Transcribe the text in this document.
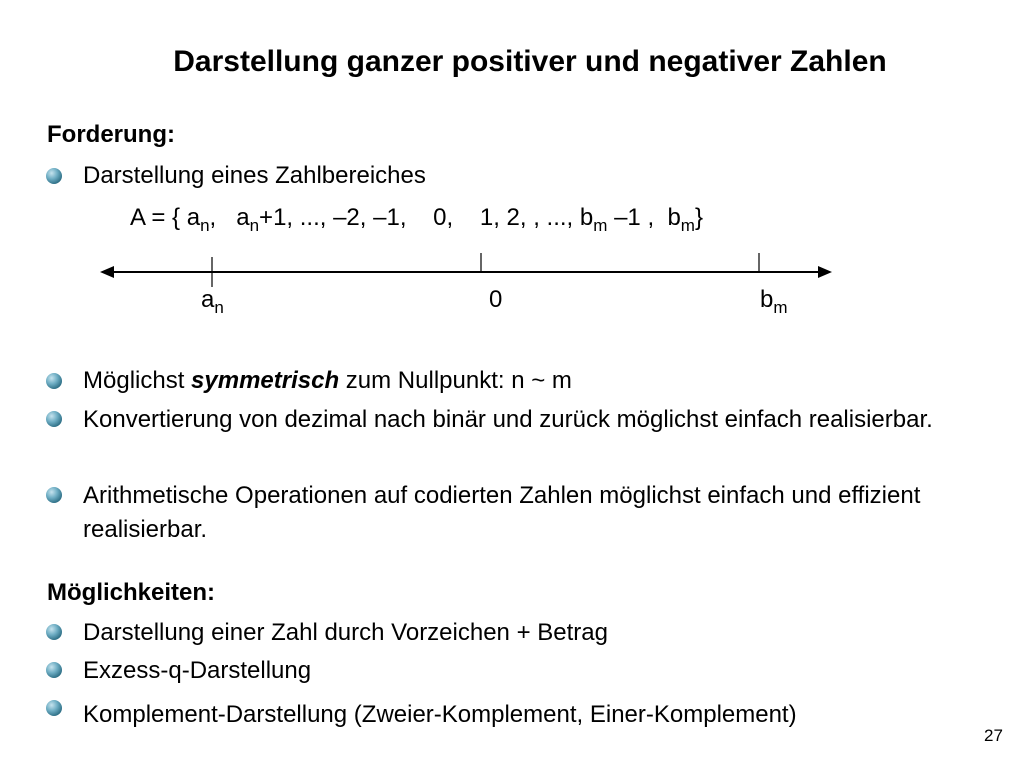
Darstellung ganzer positiver und negativer Zahlen
Forderung:
Darstellung eines Zahlbereiches
A = { $a_n$,   $a_n+1$, ..., –2, –1,    0,    1, 2, , ..., $b_m$ –1 ,  $b_m$}
$a_n$	0	$b_m$
Möglichst symmetrisch zum Nullpunkt: n ~ m
Konvertierung von dezimal nach binär und zurück möglichst einfach realisierbar.
Arithmetische Operationen auf codierten Zahlen möglichst einfach und effizient realisierbar.
Möglichkeiten:
Darstellung einer Zahl durch Vorzeichen + Betrag
Exzess-q-Darstellung
Komplement-Darstellung (Zweier-Komplement, Einer-Komplement)
27
